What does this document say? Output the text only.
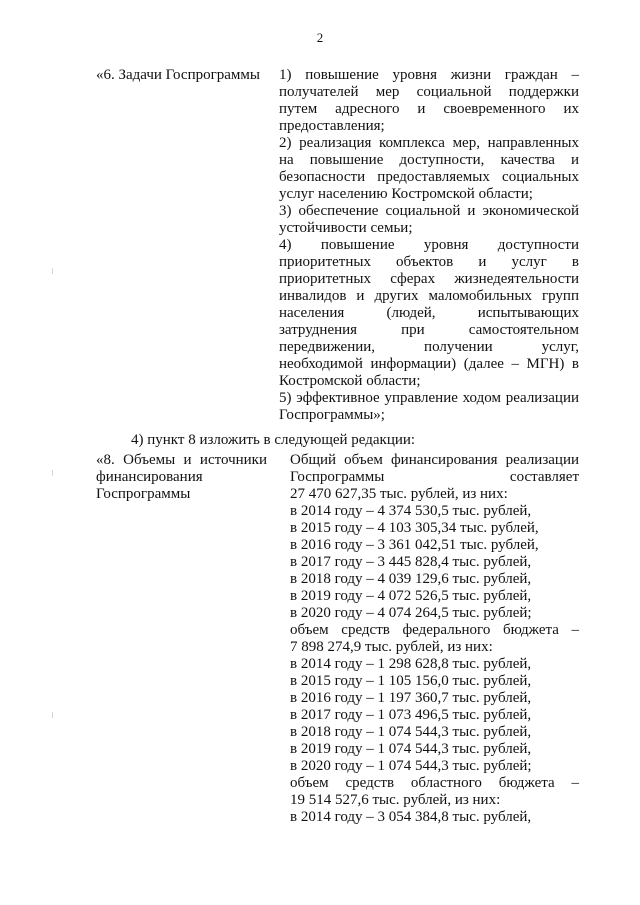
2
«6. Задачи Госпрограммы 1) повышение уровня жизни граждан –
получателей мер социальной поддержки
путем адресного и своевременного их
предоставления;
2) реализация комплекса мер, направленных
на повышение доступности, качества и
безопасности предоставляемых социальных
услуг населению Костромской области;
3) обеспечение социальной и экономической
устойчивости семьи;
4) повышение уровня доступности
приоритетных объектов и услуг в
приоритетных сферах жизнедеятельности
инвалидов и других маломобильных групп
населения (людей, испытывающих
затруднения при самостоятельном
передвижении, получении услуг,
необходимой информации) (далее – МГН) в
Костромской области;
5) эффективное управление ходом реализации
Госпрограммы»;
4) пункт 8 изложить в следующей редакции:
«8. Объемы и источники
финансирования
Госпрограммы
Общий объем финансирования реализации
Госпрограммы составляет
27 470 627,35 тыс. рублей, из них:
в 2014 году – 4 374 530,5 тыс. рублей,
в 2015 году – 4 103 305,34 тыс. рублей,
в 2016 году – 3 361 042,51 тыс. рублей,
в 2017 году – 3 445 828,4 тыс. рублей,
в 2018 году – 4 039 129,6 тыс. рублей,
в 2019 году – 4 072 526,5 тыс. рублей,
в 2020 году – 4 074 264,5 тыс. рублей;
объем средств федерального бюджета –
7 898 274,9 тыс. рублей, из них:
в 2014 году – 1 298 628,8 тыс. рублей,
в 2015 году – 1 105 156,0 тыс. рублей,
в 2016 году – 1 197 360,7 тыс. рублей,
в 2017 году – 1 073 496,5 тыс. рублей,
в 2018 году – 1 074 544,3 тыс. рублей,
в 2019 году – 1 074 544,3 тыс. рублей,
в 2020 году – 1 074 544,3 тыс. рублей;
объем средств областного бюджета –
19 514 527,6 тыс. рублей, из них:
в 2014 году – 3 054 384,8 тыс. рублей,
